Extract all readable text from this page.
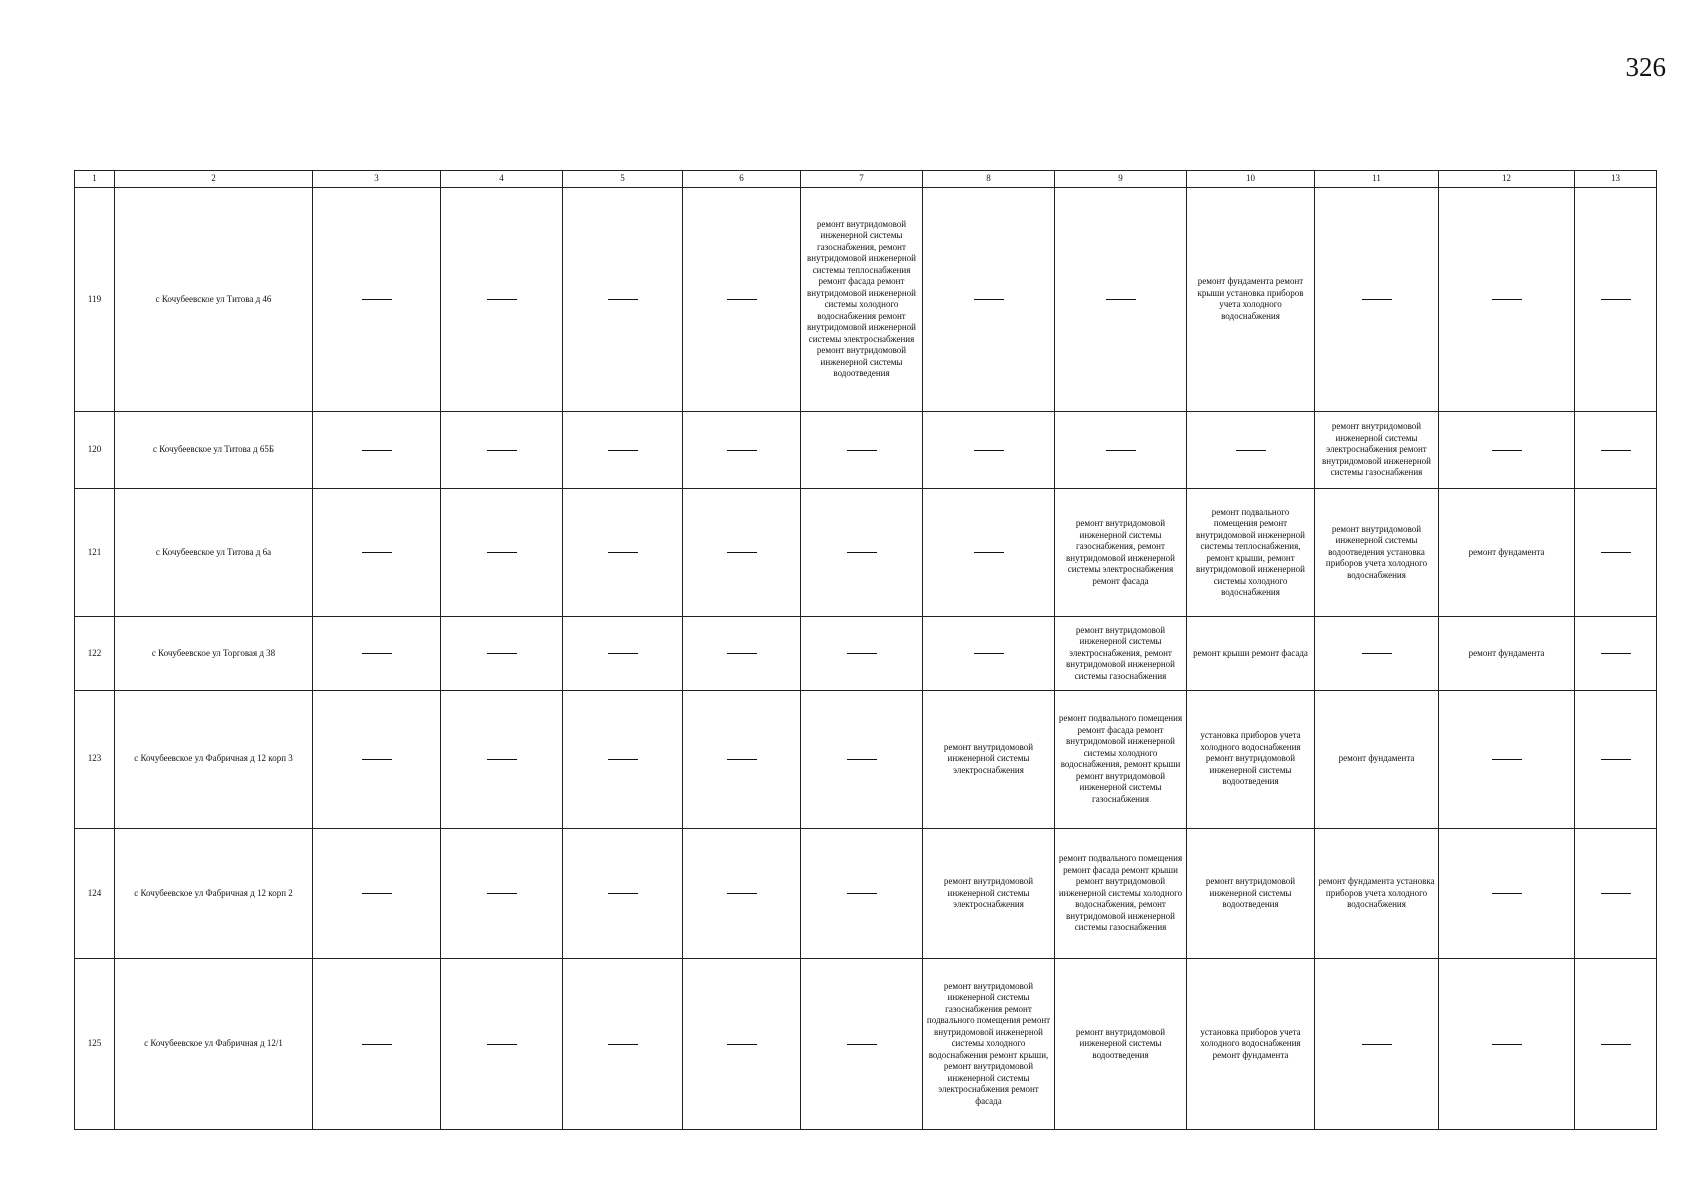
326
1	2	3	4	5	6	7	8	9	10	11	12	13
119	с Кочубеевское ул Титова д 46					ремонт внутридомовой инженерной системы газоснабжения, ремонт внутридомовой инженерной системы теплоснабжения ремонт фасада ремонт внутридомовой инженерной системы холодного водоснабжения ремонт внутридомовой инженерной системы электроснабжения ремонт внутридомовой инженерной системы водоотведения			ремонт фундамента ремонт крыши установка приборов учета холодного водоснабжения			
120	с Кочубеевское ул Титова д 65Б									ремонт внутридомовой инженерной системы электроснабжения ремонт внутридомовой инженерной системы газоснабжения		
121	с Кочубеевское ул Титова д 6а							ремонт внутридомовой инженерной системы газоснабжения, ремонт внутридомовой инженерной системы электроснабжения ремонт фасада	ремонт подвального помещения ремонт внутридомовой инженерной системы теплоснабжения, ремонт крыши, ремонт внутридомовой инженерной системы холодного водоснабжения	ремонт внутридомовой инженерной системы водоотведения установка приборов учета холодного водоснабжения	ремонт фундамента	
122	с Кочубеевское ул Торговая д 38							ремонт внутридомовой инженерной системы электроснабжения, ремонт внутридомовой инженерной системы газоснабжения	ремонт крыши ремонт фасада		ремонт фундамента	
123	с Кочубеевское ул Фабричная д 12 корп 3						ремонт внутридомовой инженерной системы электроснабжения	ремонт подвального помещения ремонт фасада ремонт внутридомовой инженерной системы холодного водоснабжения, ремонт крыши ремонт внутридомовой инженерной системы газоснабжения	установка приборов учета холодного водоснабжения ремонт внутридомовой инженерной системы водоотведения	ремонт фундамента		
124	с Кочубеевское ул Фабричная д 12 корп 2						ремонт внутридомовой инженерной системы электроснабжения	ремонт подвального помещения ремонт фасада ремонт крыши ремонт внутридомовой инженерной системы холодного водоснабжения, ремонт внутридомовой инженерной системы газоснабжения	ремонт внутридомовой инженерной системы водоотведения	ремонт фундамента установка приборов учета холодного водоснабжения		
125	с Кочубеевское ул Фабричная д 12/1						ремонт внутридомовой инженерной системы газоснабжения ремонт подвального помещения ремонт внутридомовой инженерной системы холодного водоснабжения ремонт крыши, ремонт внутридомовой инженерной системы электроснабжения ремонт фасада	ремонт внутридомовой инженерной системы водоотведения	установка приборов учета холодного водоснабжения ремонт фундамента			
